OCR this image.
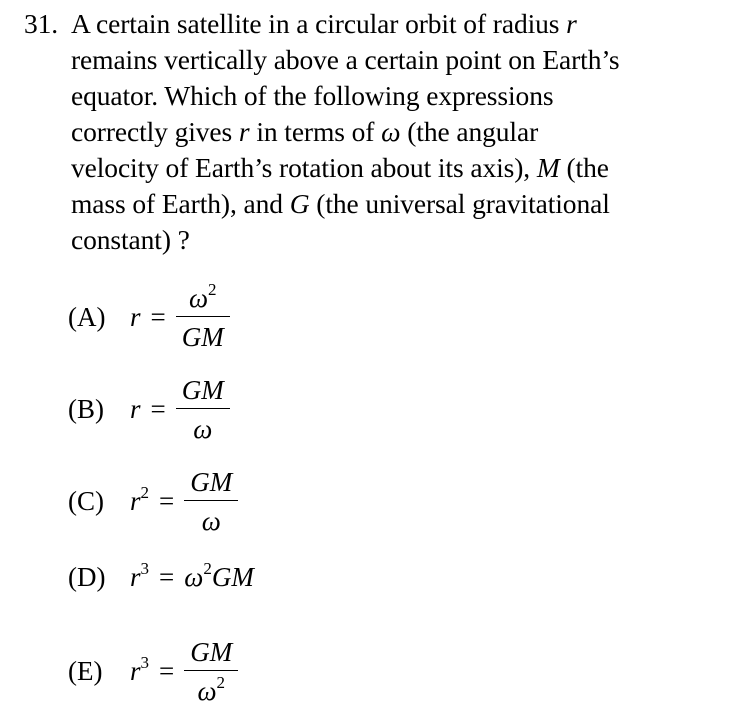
31. A certain satellite in a circular orbit of radius r
remains vertically above a certain point on Earth’s
equator. Which of the following expressions
correctly gives r in terms of ω (the angular
velocity of Earth’s rotation about its axis), M (the
mass of Earth), and G (the universal gravitational
constant) ?
(A) $r = \frac{\omega^2}{GM}$
(B) $r = \frac{GM}{\omega}$
(C) $r^2 = \frac{GM}{\omega}$
(D) $r^3 = \omega^2GM$
(E)	$r^3 = \frac{GM}{\omega^2}$
